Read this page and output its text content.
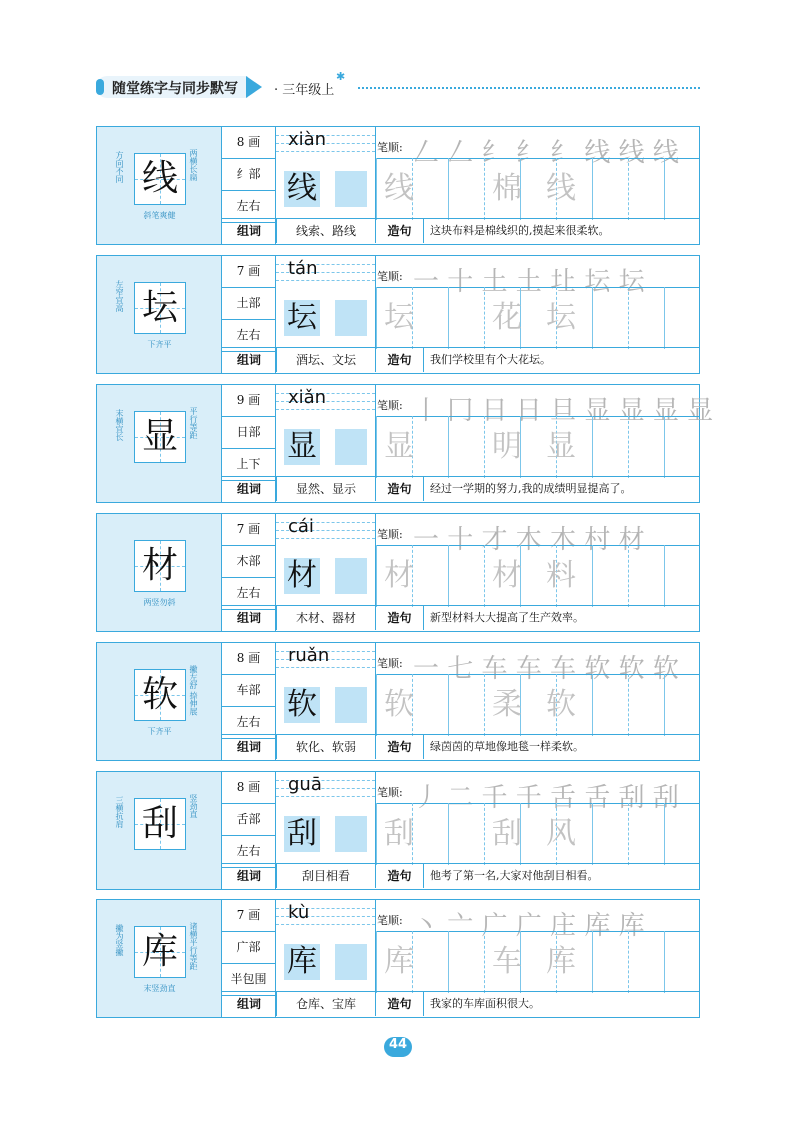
随堂练字与同步默写	· 三年级上
✱
线
方向不同	两横长扁
斜笔爽健
8 画
纟部
左右
xiàn	笔顺: 𠃋 𠃋 纟 纟 纟 线 线 线
线 线	棉 线
组词	线索、路线	造句	这块布料是棉线织的,摸起来很柔软。
坛
左窄宜高
下齐平
7 画
土部
左右
tán	笔顺: 一 十 土 土 圵 坛 坛
坛 坛	花 坛
组词	酒坛、文坛	造句	我们学校里有个大花坛。
显
末横宜长	平行等距
9 画
日部
上下
xiǎn	笔顺: 丨 冂 日 日 旦 显 显 显 显
显 显	明 显
组词	显然、显示	造句	经过一学期的努力,我的成绩明显提高了。
材
两竖勿斜
7 画
木部
左右
cái	笔顺: 一 十 才 木 木 村 材
材 材	材 料
组词	木材、器材	造句	新型材料大大提高了生产效率。
软	撇左舒 捺伸展
下齐平
8 画
车部
左右
ruǎn	笔顺: 一 七 车 车 车 软 软 软
软 软	柔 软
组词	软化、软弱	造句	绿茵茵的草地像地毯一样柔软。
刮
三横抗肩	竖劲直
8 画
舌部
左右
guā	笔顺: 丿 二 千 千 舌 舌 刮 刮
刮 刮	刮 风
组词	刮目相看	造句	他考了第一名,大家对他刮目相看。
库
撇为竖撇	诸横平行等距
末竖劲直
7 画
广部
半包围
kù	笔顺: 丶 亠 广 广 庄 库 库
库 库	车 库
组词	仓库、宝库	造句	我家的车库面积很大。
44
